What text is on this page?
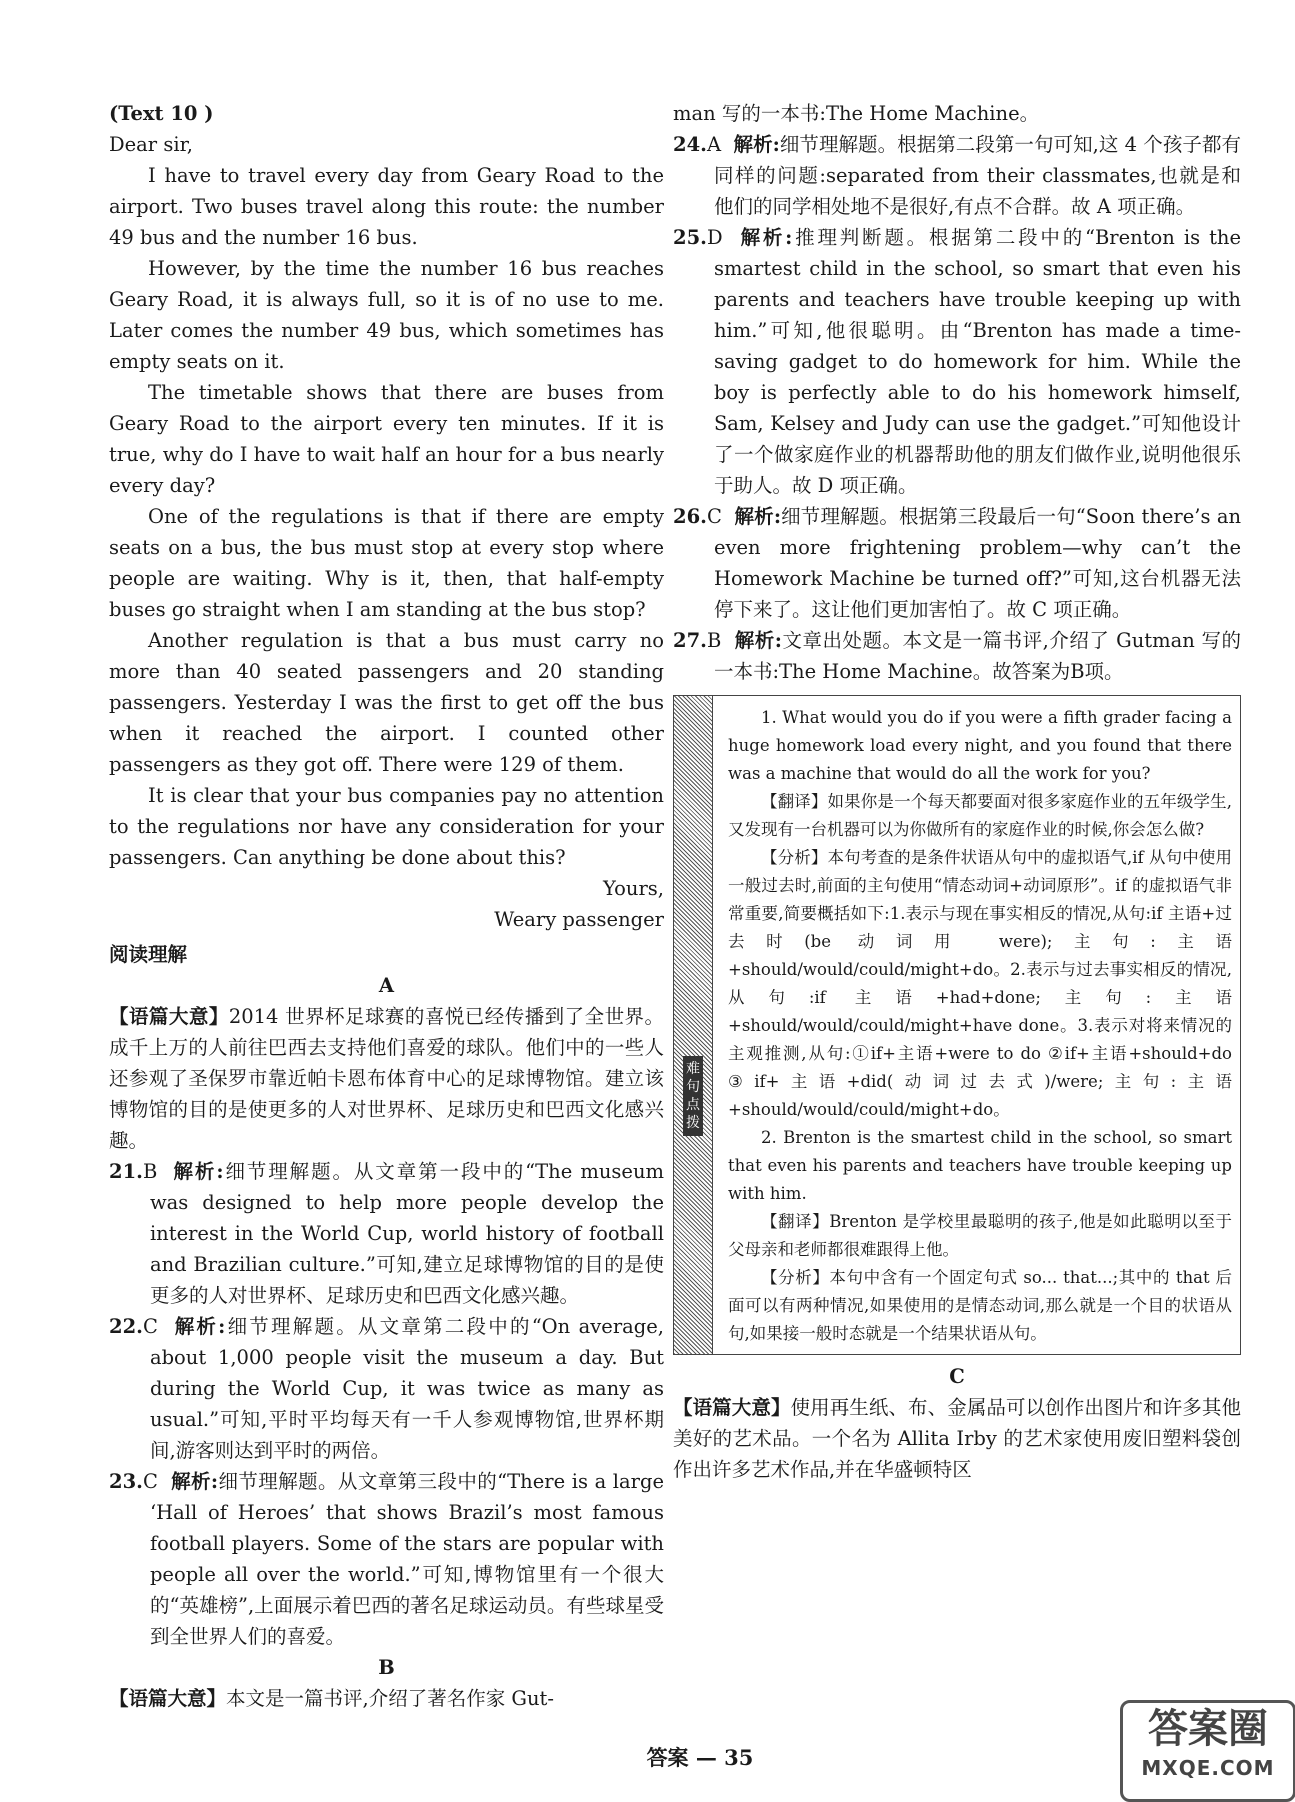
(Text 10 )

Dear sir,

I have to travel every day from Geary Road to the airport. Two buses travel along this route: the number 49 bus and the number 16 bus.

However, by the time the number 16 bus reaches Geary Road, it is always full, so it is of no use to me. Later comes the number 49 bus, which sometimes has empty seats on it.

The timetable shows that there are buses from Geary Road to the airport every ten minutes. If it is true, why do I have to wait half an hour for a bus nearly every day?

One of the regulations is that if there are empty seats on a bus, the bus must stop at every stop where people are waiting. Why is it, then, that half-empty buses go straight when I am standing at the bus stop?

Another regulation is that a bus must carry no more than 40 seated passengers and 20 standing passengers. Yesterday I was the first to get off the bus when it reached the airport. I counted other passengers as they got off. There were 129 of them.

It is clear that your bus companies pay no attention to the regulations nor have any consideration for your passengers. Can anything be done about this?

Yours,

Weary passenger

阅读理解

A

【语篇大意】2014 世界杯足球赛的喜悦已经传播到了全世界。成千上万的人前往巴西去支持他们喜爱的球队。他们中的一些人还参观了圣保罗市靠近帕卡恩布体育中心的足球博物馆。建立该博物馆的目的是使更多的人对世界杯、足球历史和巴西文化感兴趣。

21.B 解析:细节理解题。从文章第一段中的“The museum was designed to help more people develop the interest in the World Cup, world history of football and Brazilian culture.”可知,建立足球博物馆的目的是使更多的人对世界杯、足球历史和巴西文化感兴趣。

22.C 解析:细节理解题。从文章第二段中的“On average, about 1,000 people visit the museum a day. But during the World Cup, it was twice as many as usual.”可知,平时平均每天有一千人参观博物馆,世界杯期间,游客则达到平时的两倍。

23.C 解析:细节理解题。从文章第三段中的“There is a large ‘Hall of Heroes’ that shows Brazil’s most famous football players. Some of the stars are popular with people all over the world.”可知,博物馆里有一个很大的“英雄榜”,上面展示着巴西的著名足球运动员。有些球星受到全世界人们的喜爱。

B

【语篇大意】本文是一篇书评,介绍了著名作家 Gut-

man 写的一本书:The Home Machine。

24.A 解析:细节理解题。根据第二段第一句可知,这 4 个孩子都有同样的问题:separated from their classmates,也就是和他们的同学相处地不是很好,有点不合群。故 A 项正确。

25.D 解析:推理判断题。根据第二段中的“Brenton is the smartest child in the school, so smart that even his parents and teachers have trouble keeping up with him.”可知,他很聪明。由“Brenton has made a time-saving gadget to do homework for him. While the boy is perfectly able to do his homework himself, Sam, Kelsey and Judy can use the gadget.”可知他设计了一个做家庭作业的机器帮助他的朋友们做作业,说明他很乐于助人。故 D 项正确。

26.C 解析:细节理解题。根据第三段最后一句“Soon there’s an even more frightening problem—why can’t the Homework Machine be turned off?”可知,这台机器无法停下来了。这让他们更加害怕了。故 C 项正确。

27.B 解析:文章出处题。本文是一篇书评,介绍了 Gutman 写的一本书:The Home Machine。故答案为B项。

难句点拨

1. What would you do if you were a fifth grader facing a huge homework load every night, and you found that there was a machine that would do all the work for you?

【翻译】如果你是一个每天都要面对很多家庭作业的五年级学生,又发现有一台机器可以为你做所有的家庭作业的时候,你会怎么做?

【分析】本句考查的是条件状语从句中的虚拟语气,if 从句中使用一般过去时,前面的主句使用“情态动词+动词原形”。if 的虚拟语气非常重要,简要概括如下:1.表示与现在事实相反的情况,从句:if 主语+过去时(be 动词用 were);主句:主语+should/would/could/might+do。2.表示与过去事实相反的情况,从句:if 主语+had+done;主句:主语+should/would/could/might+have done。3.表示对将来情况的主观推测,从句:①if+主语+were to do ②if+主语+should+do ③if+主语+did(动词过去式)/were;主句:主语+should/would/could/might+do。

2. Brenton is the smartest child in the school, so smart that even his parents and teachers have trouble keeping up with him.

【翻译】Brenton 是学校里最聪明的孩子,他是如此聪明以至于父母亲和老师都很难跟得上他。

【分析】本句中含有一个固定句式 so... that...;其中的 that 后面可以有两种情况,如果使用的是情态动词,那么就是一个目的状语从句,如果接一般时态就是一个结果状语从句。

C

【语篇大意】使用再生纸、布、金属品可以创作出图片和许多其他美好的艺术品。一个名为 Allita Irby 的艺术家使用废旧塑料袋创作出许多艺术作品,并在华盛顿特区

答案 — 35
答案圈
MXQE.COM
